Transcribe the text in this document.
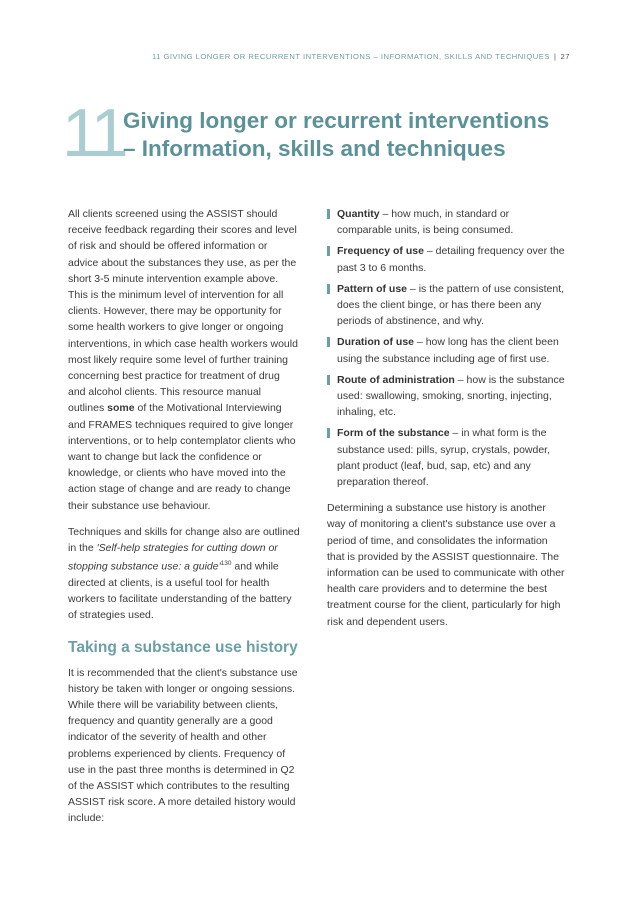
11 GIVING LONGER OR RECURRENT INTERVENTIONS – INFORMATION, SKILLS AND TECHNIQUES | 27
11
Giving longer or recurrent interventions
– Information, skills and techniques

All clients screened using the ASSIST should receive feedback regarding their scores and level of risk and should be offered information or advice about the substances they use, as per the short 3-5 minute intervention example above. This is the minimum level of intervention for all clients. However, there may be opportunity for some health workers to give longer or ongoing interventions, in which case health workers would most likely require some level of further training concerning best practice for treatment of drug and alcohol clients. This resource manual outlines some of the Motivational Interviewing and FRAMES techniques required to give longer interventions, or to help contemplator clients who want to change but lack the confidence or knowledge, or clients who have moved into the action stage of change and are ready to change their substance use behaviour.

Techniques and skills for change also are outlined in the 'Self-help strategies for cutting down or stopping substance use: a $guide'^{130}$ and while directed at clients, is a useful tool for health workers to facilitate understanding of the battery of strategies used.

Taking a substance use history

It is recommended that the client's substance use history be taken with longer or ongoing sessions. While there will be variability between clients, frequency and quantity generally are a good indicator of the severity of health and other problems experienced by clients. Frequency of use in the past three months is determined in Q2 of the ASSIST which contributes to the resulting ASSIST risk score. A more detailed history would include:

Quantity – how much, in standard or comparable units, is being consumed.
Frequency of use – detailing frequency over the past 3 to 6 months.
Pattern of use – is the pattern of use consistent, does the client binge, or has there been any periods of abstinence, and why.
Duration of use – how long has the client been using the substance including age of first use.
Route of administration – how is the substance used: swallowing, smoking, snorting, injecting, inhaling, etc.
Form of the substance – in what form is the substance used: pills, syrup, crystals, powder, plant product (leaf, bud, sap, etc) and any preparation thereof.

Determining a substance use history is another way of monitoring a client's substance use over a period of time, and consolidates the information that is provided by the ASSIST questionnaire. The information can be used to communicate with other health care providers and to determine the best treatment course for the client, particularly for high risk and dependent users.
